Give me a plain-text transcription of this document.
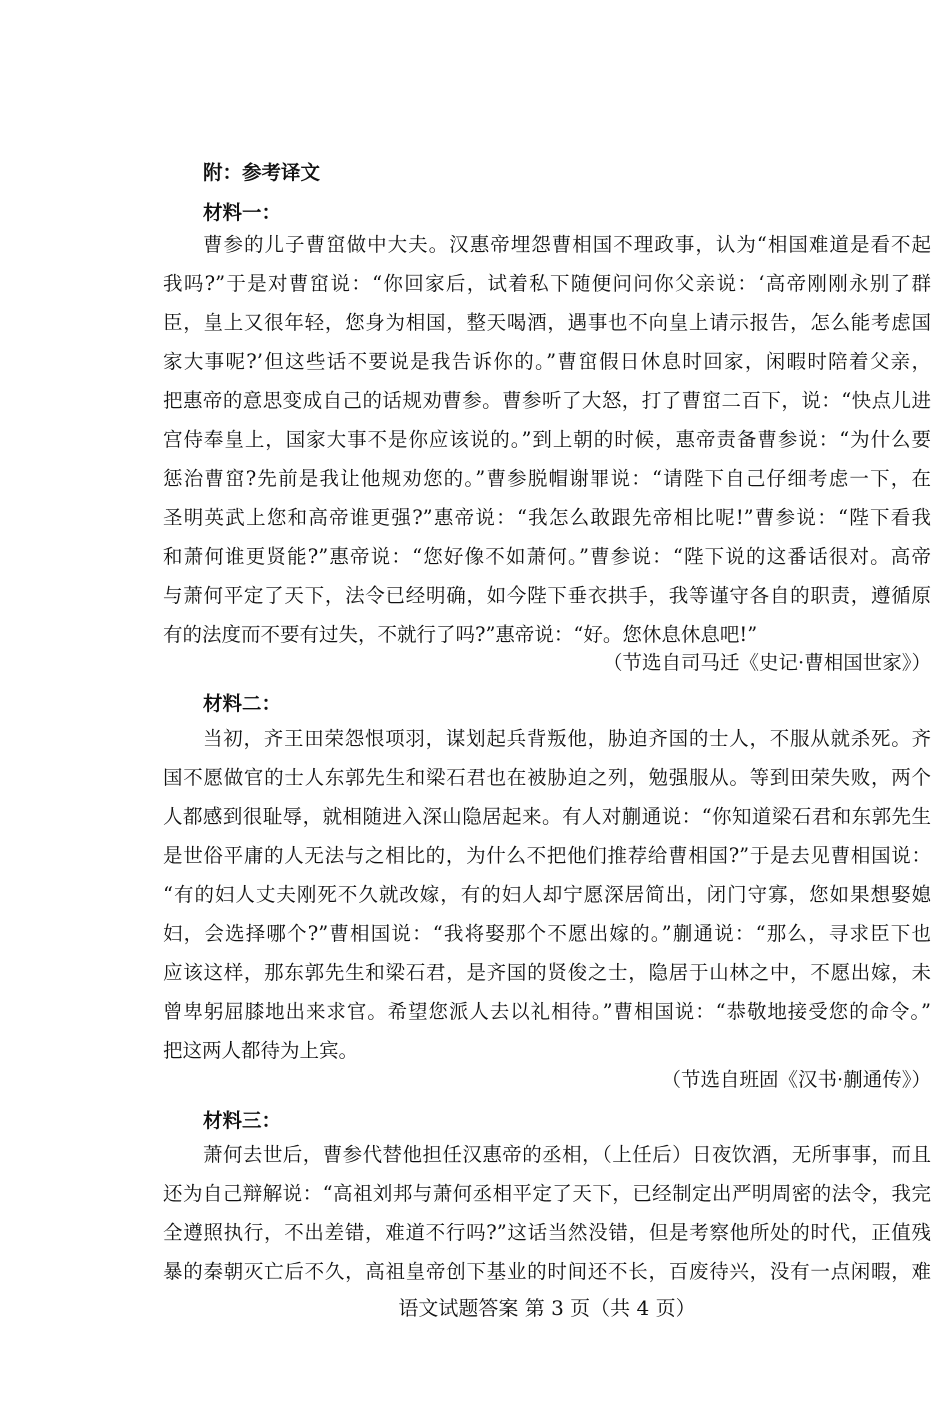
附：参考译文
材料一：
曹参的儿子曹窋做中大夫。汉惠帝埋怨曹相国不理政事，认为“相国难道是看不起
我吗?”于是对曹窋说：“你回家后，试着私下随便问问你父亲说：‘高帝刚刚永别了群
臣，皇上又很年轻，您身为相国，整天喝酒，遇事也不向皇上请示报告，怎么能考虑国
家大事呢?’但这些话不要说是我告诉你的。”曹窋假日休息时回家，闲暇时陪着父亲，
把惠帝的意思变成自己的话规劝曹参。曹参听了大怒，打了曹窋二百下，说：“快点儿进
宫侍奉皇上，国家大事不是你应该说的。”到上朝的时候，惠帝责备曹参说：“为什么要
惩治曹窋?先前是我让他规劝您的。”曹参脱帽谢罪说：“请陛下自己仔细考虑一下，在
圣明英武上您和高帝谁更强?”惠帝说：“我怎么敢跟先帝相比呢!”曹参说：“陛下看我
和萧何谁更贤能?”惠帝说：“您好像不如萧何。”曹参说：“陛下说的这番话很对。高帝
与萧何平定了天下，法令已经明确，如今陛下垂衣拱手，我等谨守各自的职责，遵循原
有的法度而不要有过失，不就行了吗?”惠帝说：“好。您休息休息吧!”
（节选自司马迁《史记·曹相国世家》）
材料二：
当初，齐王田荣怨恨项羽，谋划起兵背叛他，胁迫齐国的士人，不服从就杀死。齐
国不愿做官的士人东郭先生和梁石君也在被胁迫之列，勉强服从。等到田荣失败，两个
人都感到很耻辱，就相随进入深山隐居起来。有人对蒯通说：“你知道梁石君和东郭先生
是世俗平庸的人无法与之相比的，为什么不把他们推荐给曹相国?”于是去见曹相国说：
“有的妇人丈夫刚死不久就改嫁，有的妇人却宁愿深居简出，闭门守寡，您如果想娶媳
妇，会选择哪个?”曹相国说：“我将娶那个不愿出嫁的。”蒯通说：“那么，寻求臣下也
应该这样，那东郭先生和梁石君，是齐国的贤俊之士，隐居于山林之中，不愿出嫁，未
曾卑躬屈膝地出来求官。希望您派人去以礼相待。”曹相国说：“恭敬地接受您的命令。”
把这两人都待为上宾。
（节选自班固《汉书·蒯通传》）
材料三：
萧何去世后，曹参代替他担任汉惠帝的丞相，（上任后）日夜饮酒，无所事事，而且
还为自己辩解说：“高祖刘邦与萧何丞相平定了天下，已经制定出严明周密的法令，我完
全遵照执行，不出差错，难道不行吗?”这话当然没错，但是考察他所处的时代，正值残
暴的秦朝灭亡后不久，高祖皇帝创下基业的时间还不长，百废待兴，没有一点闲暇，难
语文试题答案 第 3 页（共 4 页）
